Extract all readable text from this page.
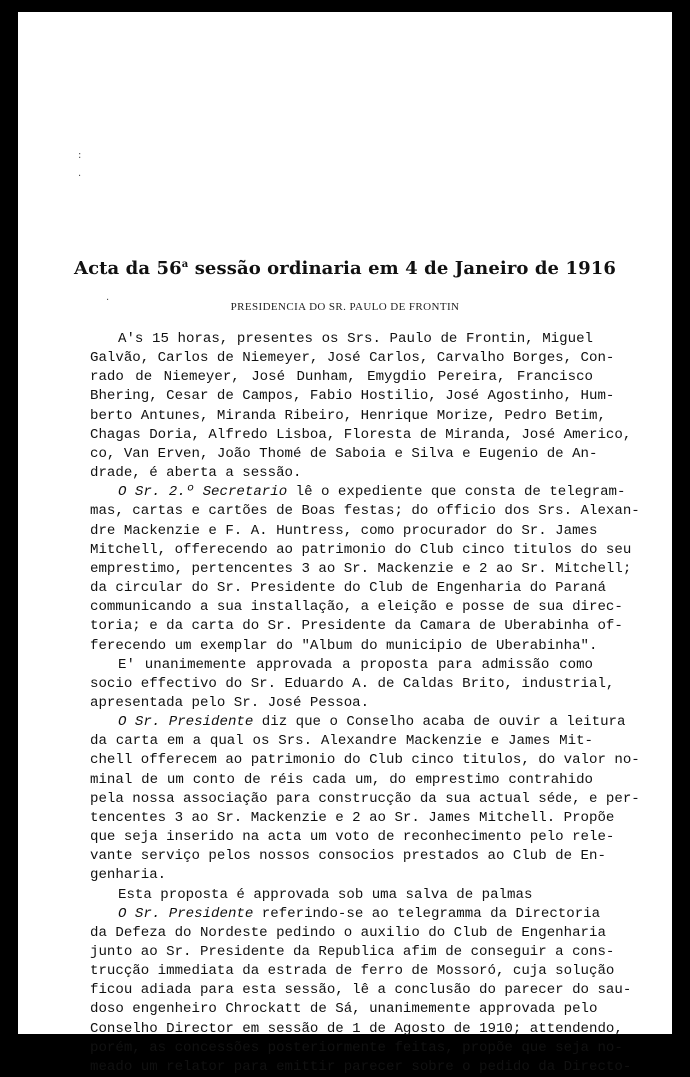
:
.
.
Acta da 56$^a$ sessão ordinaria em 4 de Janeiro de 1916
PRESIDENCIA DO SR. PAULO DE FRONTIN
A's 15 horas, presentes os Srs. Paulo de Frontin, Miguel
Galvão, Carlos de Niemeyer, José Carlos, Carvalho Borges, Con-
rado de Niemeyer, José Dunham, Emygdio Pereira, Francisco
Bhering, Cesar de Campos, Fabio Hostilio, José Agostinho, Hum-
berto Antunes, Miranda Ribeiro, Henrique Morize, Pedro Betim,
Chagas Doria, Alfredo Lisboa, Floresta de Miranda, José Americo,
co, Van Erven, João Thomé de Saboia e Silva e Eugenio de An-
drade, é aberta a sessão.
O Sr. 2.º Secretario lê o expediente que consta de telegram-
mas, cartas e cartões de Boas festas; do officio dos Srs. Alexan-
dre Mackenzie e F. A. Huntress, como procurador do Sr. James
Mitchell, offerecendo ao patrimonio do Club cinco titulos do seu
emprestimo, pertencentes 3 ao Sr. Mackenzie e 2 ao Sr. Mitchell;
da circular do Sr. Presidente do Club de Engenharia do Paraná
communicando a sua installação, a eleição e posse de sua direc-
toria; e da carta do Sr. Presidente da Camara de Uberabinha of-
ferecendo um exemplar do "Album do municipio de Uberabinha".
E' unanimemente approvada a proposta para admissão como
socio effectivo do Sr. Eduardo A. de Caldas Brito, industrial,
apresentada pelo Sr. José Pessoa.
O Sr. Presidente diz que o Conselho acaba de ouvir a leitura
da carta em a qual os Srs. Alexandre Mackenzie e James Mit-
chell offerecem ao patrimonio do Club cinco titulos, do valor no-
minal de um conto de réis cada um, do emprestimo contrahido
pela nossa associação para construcção da sua actual séde, e per-
tencentes 3 ao Sr. Mackenzie e 2 ao Sr. James Mitchell. Propõe
que seja inserido na acta um voto de reconhecimento pelo rele-
vante serviço pelos nossos consocios prestados ao Club de En-
genharia.
Esta proposta é approvada sob uma salva de palmas
O Sr. Presidente referindo-se ao telegramma da Directoria
da Defeza do Nordeste pedindo o auxilio do Club de Engenharia
junto ao Sr. Presidente da Republica afim de conseguir a cons-
trucção immediata da estrada de ferro de Mossoró, cuja solução
ficou adiada para esta sessão, lê a conclusão do parecer do sau-
doso engenheiro Chrockatt de Sá, unanimemente approvada pelo
Conselho Director em sessão de 1 de Agosto de 1910; attendendo,
porém, as concessões posteriormente feitas, propõe que seja no-
meado um relator para emittir parecer sobre o pedido da Directo-
